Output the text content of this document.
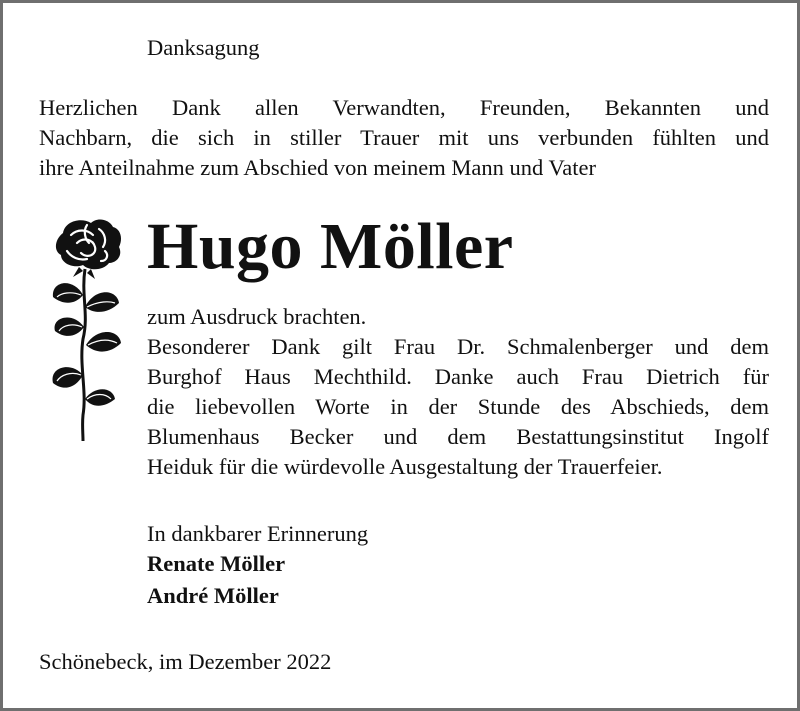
Danksagung
Herzlichen Dank allen Verwandten, Freunden, Bekannten und
Nachbarn, die sich in stiller Trauer mit uns verbunden fühlten und
ihre Anteilnahme zum Abschied von meinem Mann und Vater
Hugo Möller
zum Ausdruck brachten.
Besonderer Dank gilt Frau Dr. Schmalenberger und dem
Burghof Haus Mechthild. Danke auch Frau Dietrich für
die liebevollen Worte in der Stunde des Abschieds, dem
Blumenhaus Becker und dem Bestattungsinstitut Ingolf
Heiduk für die würdevolle Ausgestaltung der Trauerfeier.
In dankbarer Erinnerung
Renate Möller
André Möller
Schönebeck, im Dezember 2022
